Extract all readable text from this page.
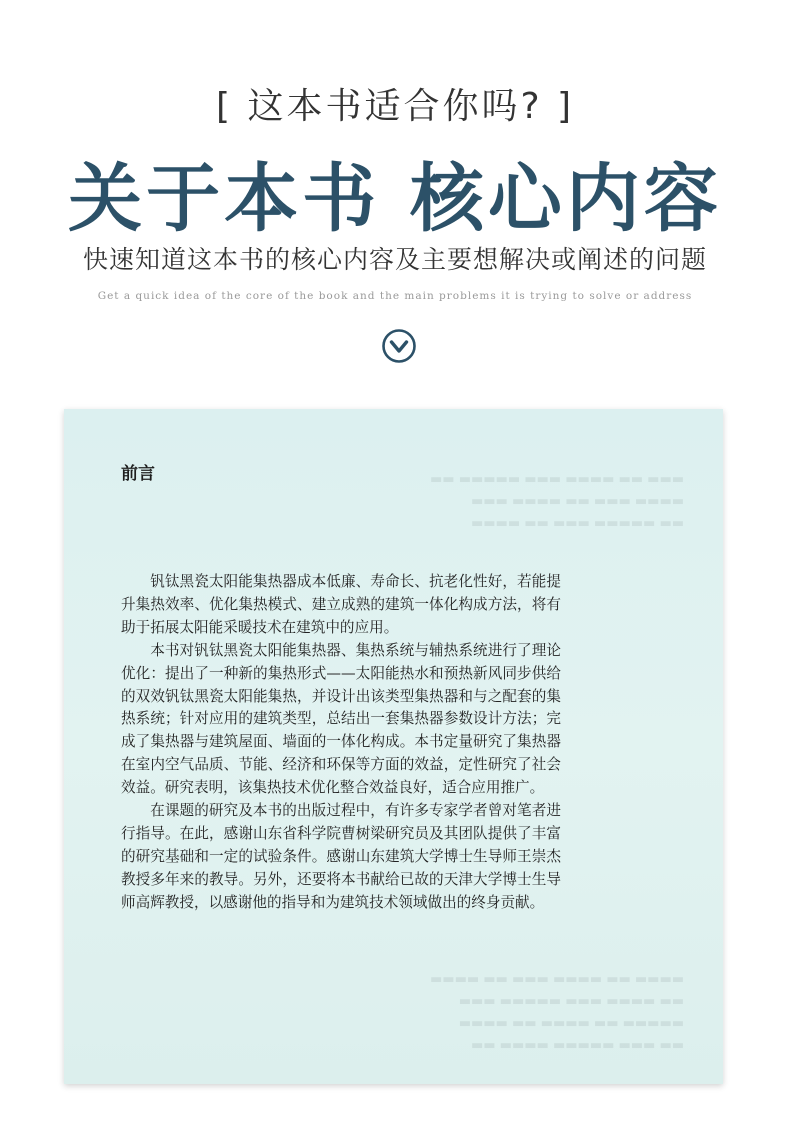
[ 这本书适合你吗? ]
关于本书 核心内容
快速知道这本书的核心内容及主要想解决或阐述的问题
Get a quick idea of the core of the book and the main problems it is trying to solve or address
▬▬▬ ▬▬ ▬▬▬▬ ▬▬▬ ▬▬▬▬▬ ▬▬
▬▬▬▬ ▬▬▬ ▬▬ ▬▬▬▬ ▬▬▬
▬▬ ▬▬▬▬▬ ▬▬▬ ▬▬ ▬▬▬▬
▬▬▬▬ ▬▬ ▬▬▬▬ ▬▬▬ ▬▬ ▬▬▬▬
▬▬ ▬▬▬▬ ▬▬▬ ▬▬▬▬▬ ▬▬▬
▬▬▬▬▬ ▬▬ ▬▬▬▬ ▬▬ ▬▬▬▬
▬▬ ▬▬▬ ▬▬▬▬▬ ▬▬▬▬ ▬▬
前言

钒钛黑瓷太阳能集热器成本低廉、寿命长、抗老化性好，若能提升集热效率、优化集热模式、建立成熟的建筑一体化构成方法，将有助于拓展太阳能采暖技术在建筑中的应用。

本书对钒钛黑瓷太阳能集热器、集热系统与辅热系统进行了理论优化：提出了一种新的集热形式——太阳能热水和预热新风同步供给的双效钒钛黑瓷太阳能集热，并设计出该类型集热器和与之配套的集热系统；针对应用的建筑类型，总结出一套集热器参数设计方法；完成了集热器与建筑屋面、墙面的一体化构成。本书定量研究了集热器在室内空气品质、节能、经济和环保等方面的效益，定性研究了社会效益。研究表明，该集热技术优化整合效益良好，适合应用推广。

在课题的研究及本书的出版过程中，有许多专家学者曾对笔者进行指导。在此，感谢山东省科学院曹树梁研究员及其团队提供了丰富的研究基础和一定的试验条件。感谢山东建筑大学博士生导师王崇杰教授多年来的教导。另外，还要将本书献给已故的天津大学博士生导师高辉教授，以感谢他的指导和为建筑技术领域做出的终身贡献。
